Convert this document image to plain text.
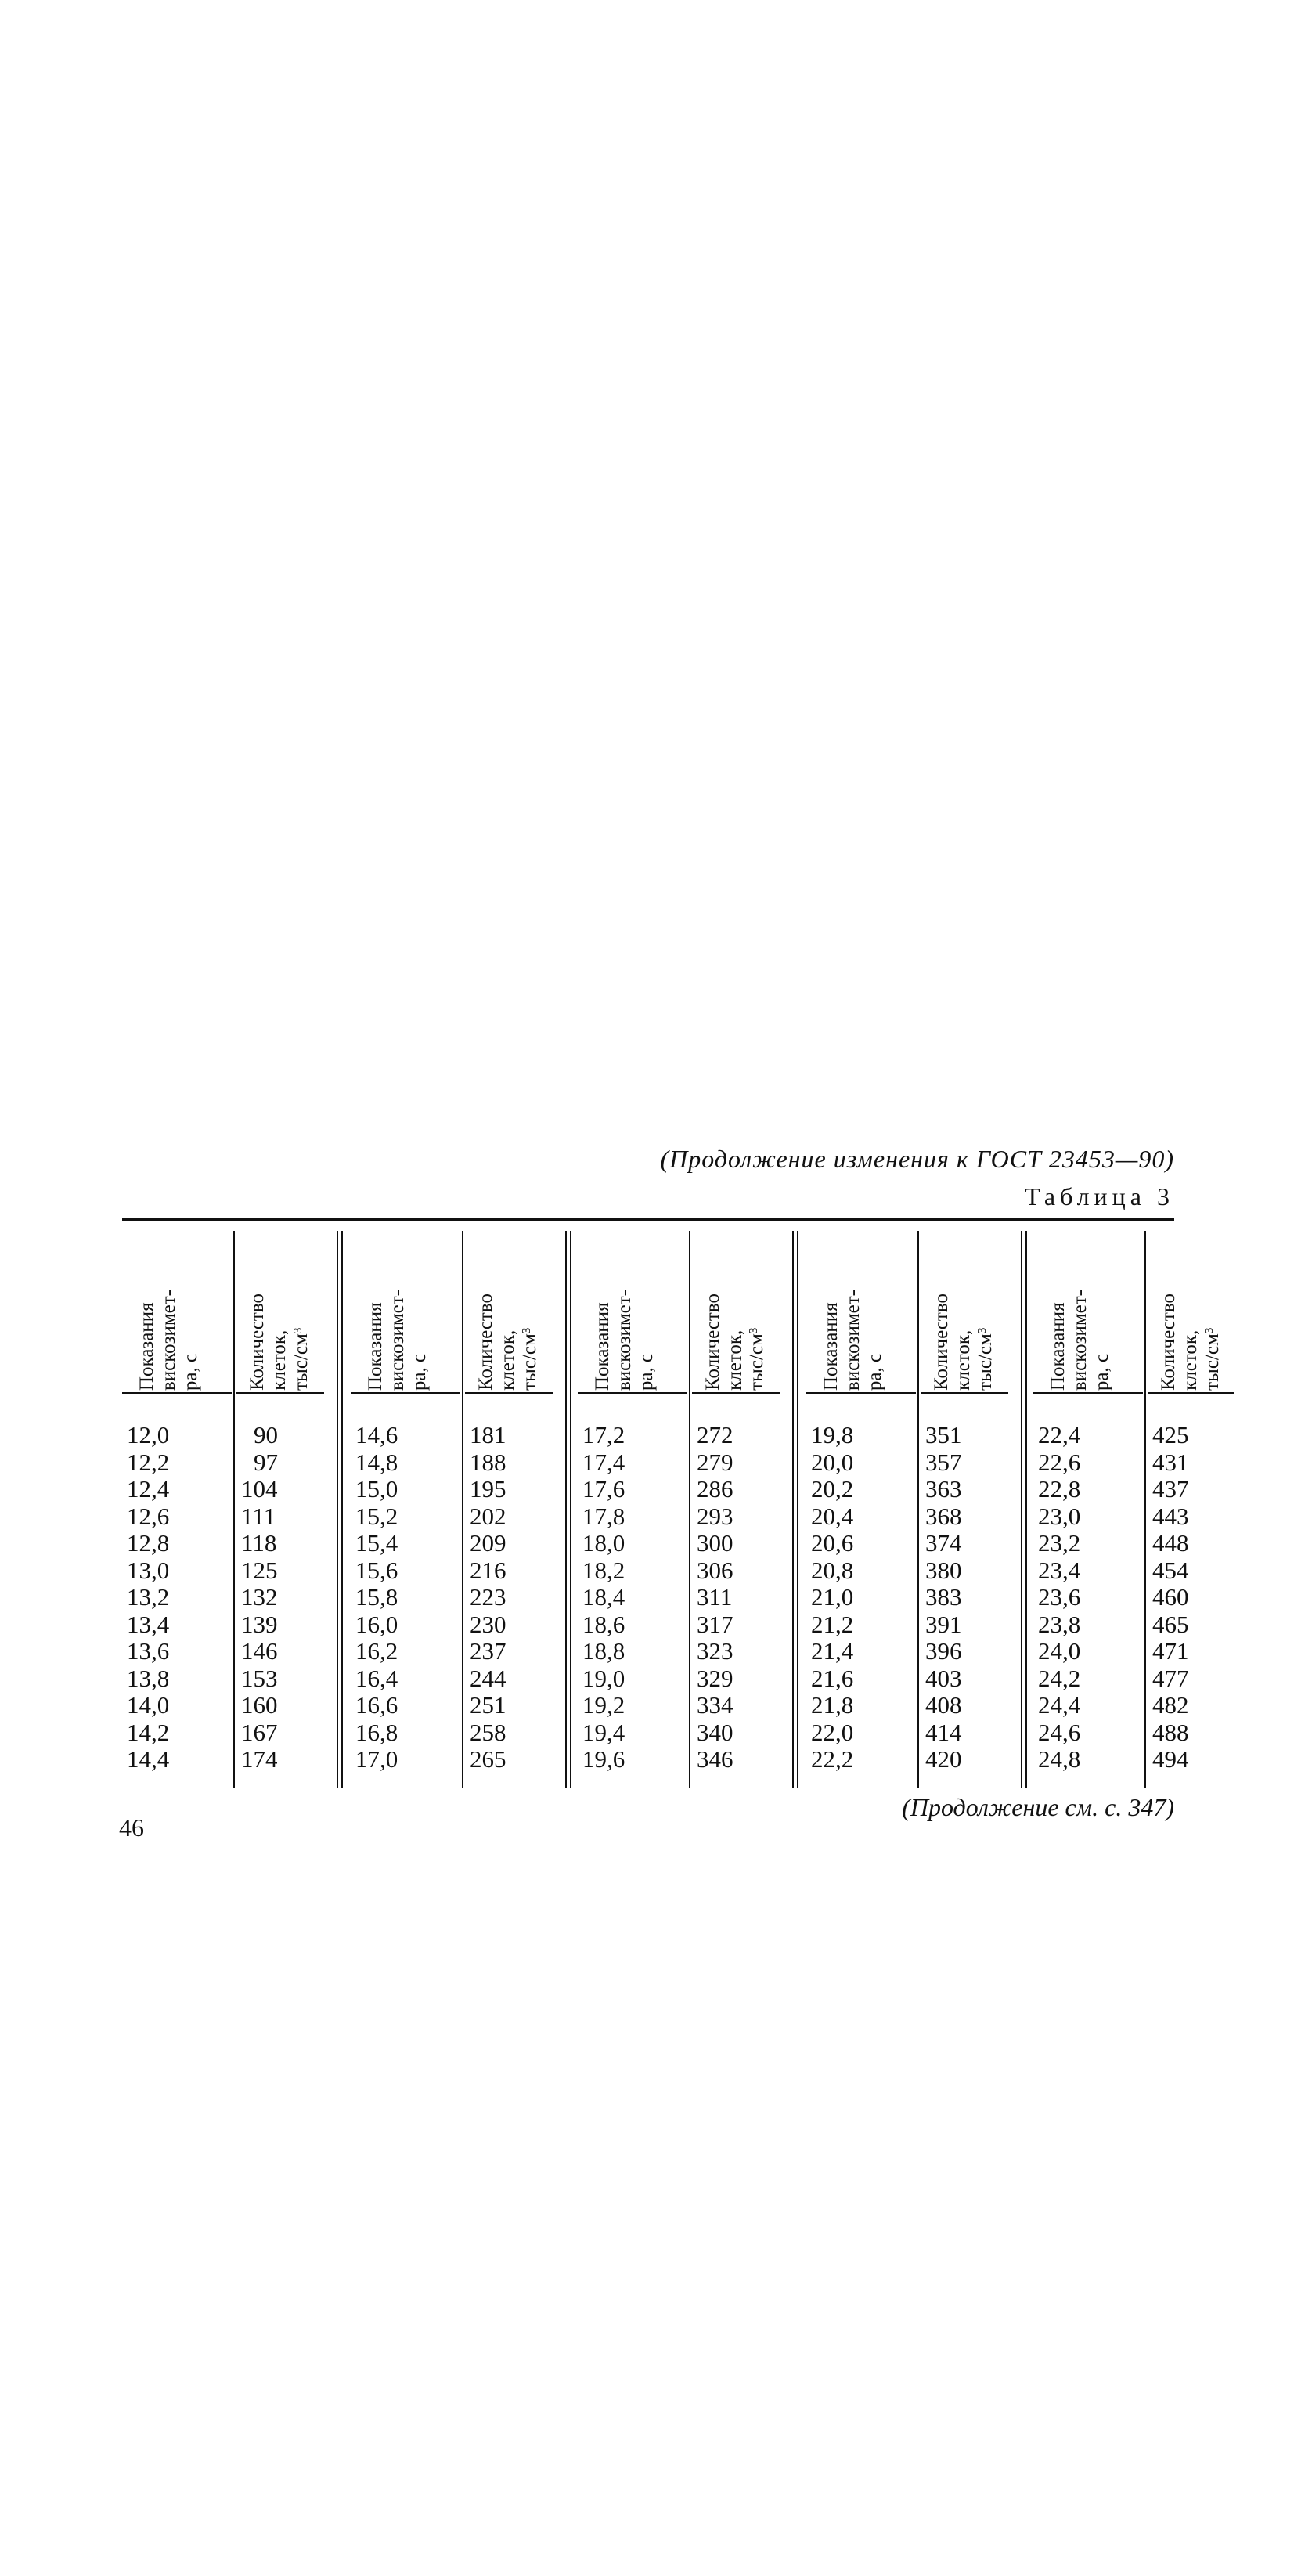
(Продолжение изменения к ГОСТ 23453—90)
Таблица 3
Показания
вискозимет-
ра, с Количество
клеток,
тыс/см³
12,0
12,2
12,4
12,6
12,8
13,0
13,2
13,4
13,6
13,8
14,0
14,2
14,4
90
97
104
111
118
125
132
139
146
153
160
167
174
Показания
вискозимет-
ра, с Количество
клеток,
тыс/см³
14,6
14,8
15,0
15,2
15,4
15,6
15,8
16,0
16,2
16,4
16,6
16,8
17,0
181
188
195
202
209
216
223
230
237
244
251
258
265
Показания
вискозимет-
ра, с Количество
клеток,
тыс/см³
17,2
17,4
17,6
17,8
18,0
18,2
18,4
18,6
18,8
19,0
19,2
19,4
19,6
272
279
286
293
300
306
311
317
323
329
334
340
346
Показания
вискозимет-
ра, с Количество
клеток,
тыс/см³
19,8
20,0
20,2
20,4
20,6
20,8
21,0
21,2
21,4
21,6
21,8
22,0
22,2
351
357
363
368
374
380
383
391
396
403
408
414
420
Показания
вискозимет-
ра, с Количество
клеток,
тыс/см³
22,4
22,6
22,8
23,0
23,2
23,4
23,6
23,8
24,0
24,2
24,4
24,6
24,8
425
431
437
443
448
454
460
465
471
477
482
488
494
46
(Продолжение см. с. 347)
